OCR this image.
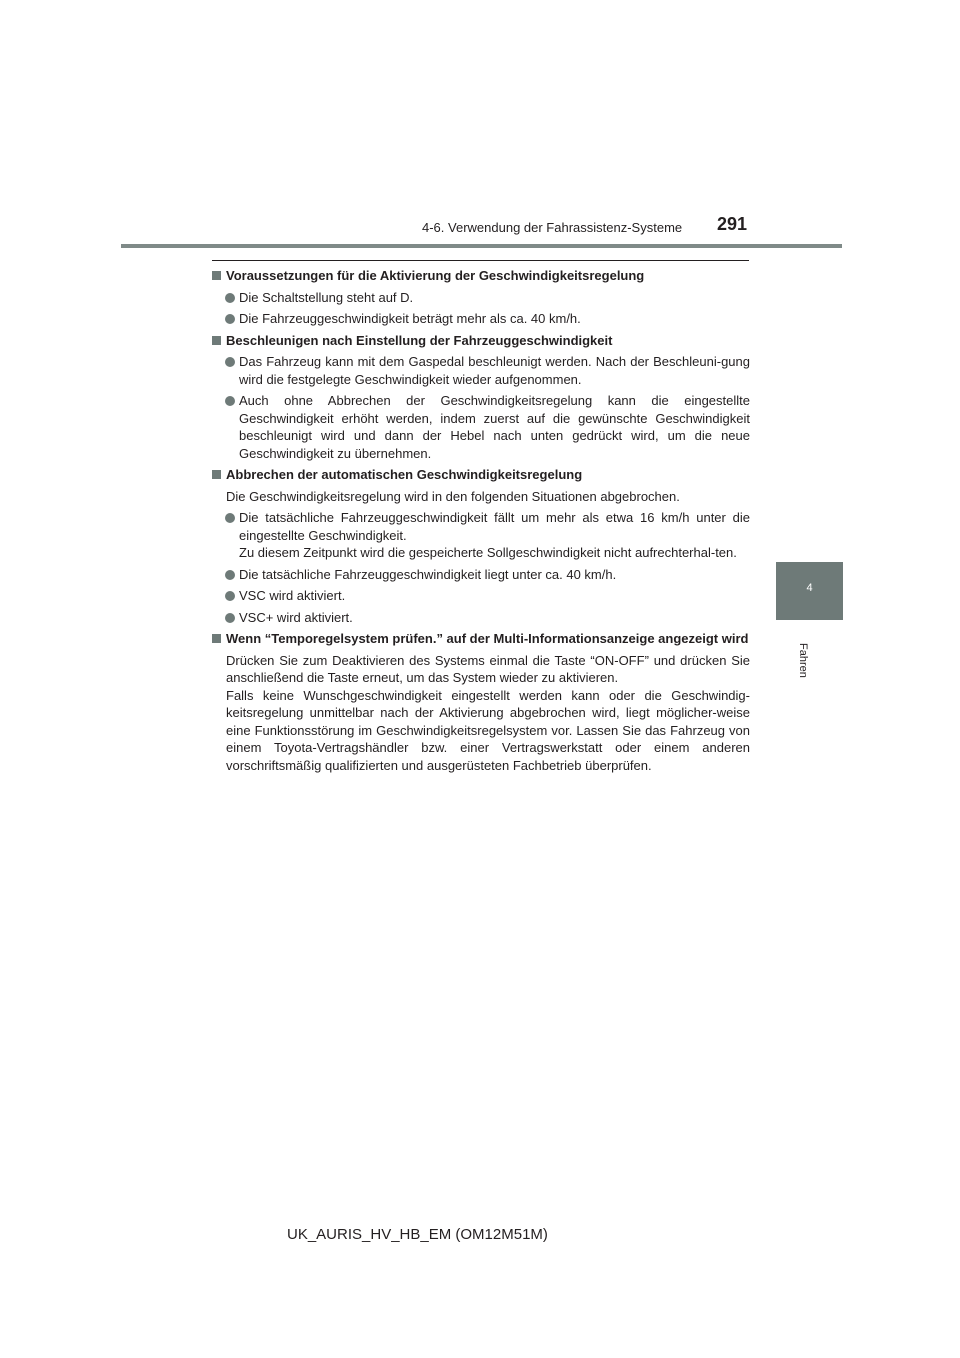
4-6. Verwendung der Fahrassistenz-Systeme 291
4
Fahren
Voraussetzungen für die Aktivierung der Geschwindigkeitsregelung
Die Schaltstellung steht auf D.
Die Fahrzeuggeschwindigkeit beträgt mehr als ca. 40 km/h.
Beschleunigen nach Einstellung der Fahrzeuggeschwindigkeit
Das Fahrzeug kann mit dem Gaspedal beschleunigt werden. Nach der Beschleuni-gung wird die festgelegte Geschwindigkeit wieder aufgenommen.
Auch ohne Abbrechen der Geschwindigkeitsregelung kann die eingestellte Geschwindigkeit erhöht werden, indem zuerst auf die gewünschte Geschwindigkeit beschleunigt wird und dann der Hebel nach unten gedrückt wird, um die neue Geschwindigkeit zu übernehmen.
Abbrechen der automatischen Geschwindigkeitsregelung
Die Geschwindigkeitsregelung wird in den folgenden Situationen abgebrochen.
Die tatsächliche Fahrzeuggeschwindigkeit fällt um mehr als etwa 16 km/h unter die eingestellte Geschwindigkeit.
Zu diesem Zeitpunkt wird die gespeicherte Sollgeschwindigkeit nicht aufrechterhal-ten.
Die tatsächliche Fahrzeuggeschwindigkeit liegt unter ca. 40 km/h.
VSC wird aktiviert.
VSC+ wird aktiviert.
Wenn “Temporegelsystem prüfen.” auf der Multi-Informationsanzeige angezeigt wird
Drücken Sie zum Deaktivieren des Systems einmal die Taste “ON-OFF” und drücken Sie anschließend die Taste erneut, um das System wieder zu aktivieren.
Falls keine Wunschgeschwindigkeit eingestellt werden kann oder die Geschwindig-keitsregelung unmittelbar nach der Aktivierung abgebrochen wird, liegt möglicher-weise eine Funktionsstörung im Geschwindigkeitsregelsystem vor. Lassen Sie das Fahrzeug von einem Toyota-Vertragshändler bzw. einer Vertragswerkstatt oder einem anderen vorschriftsmäßig qualifizierten und ausgerüsteten Fachbetrieb überprüfen.
UK_AURIS_HV_HB_EM (OM12M51M)
